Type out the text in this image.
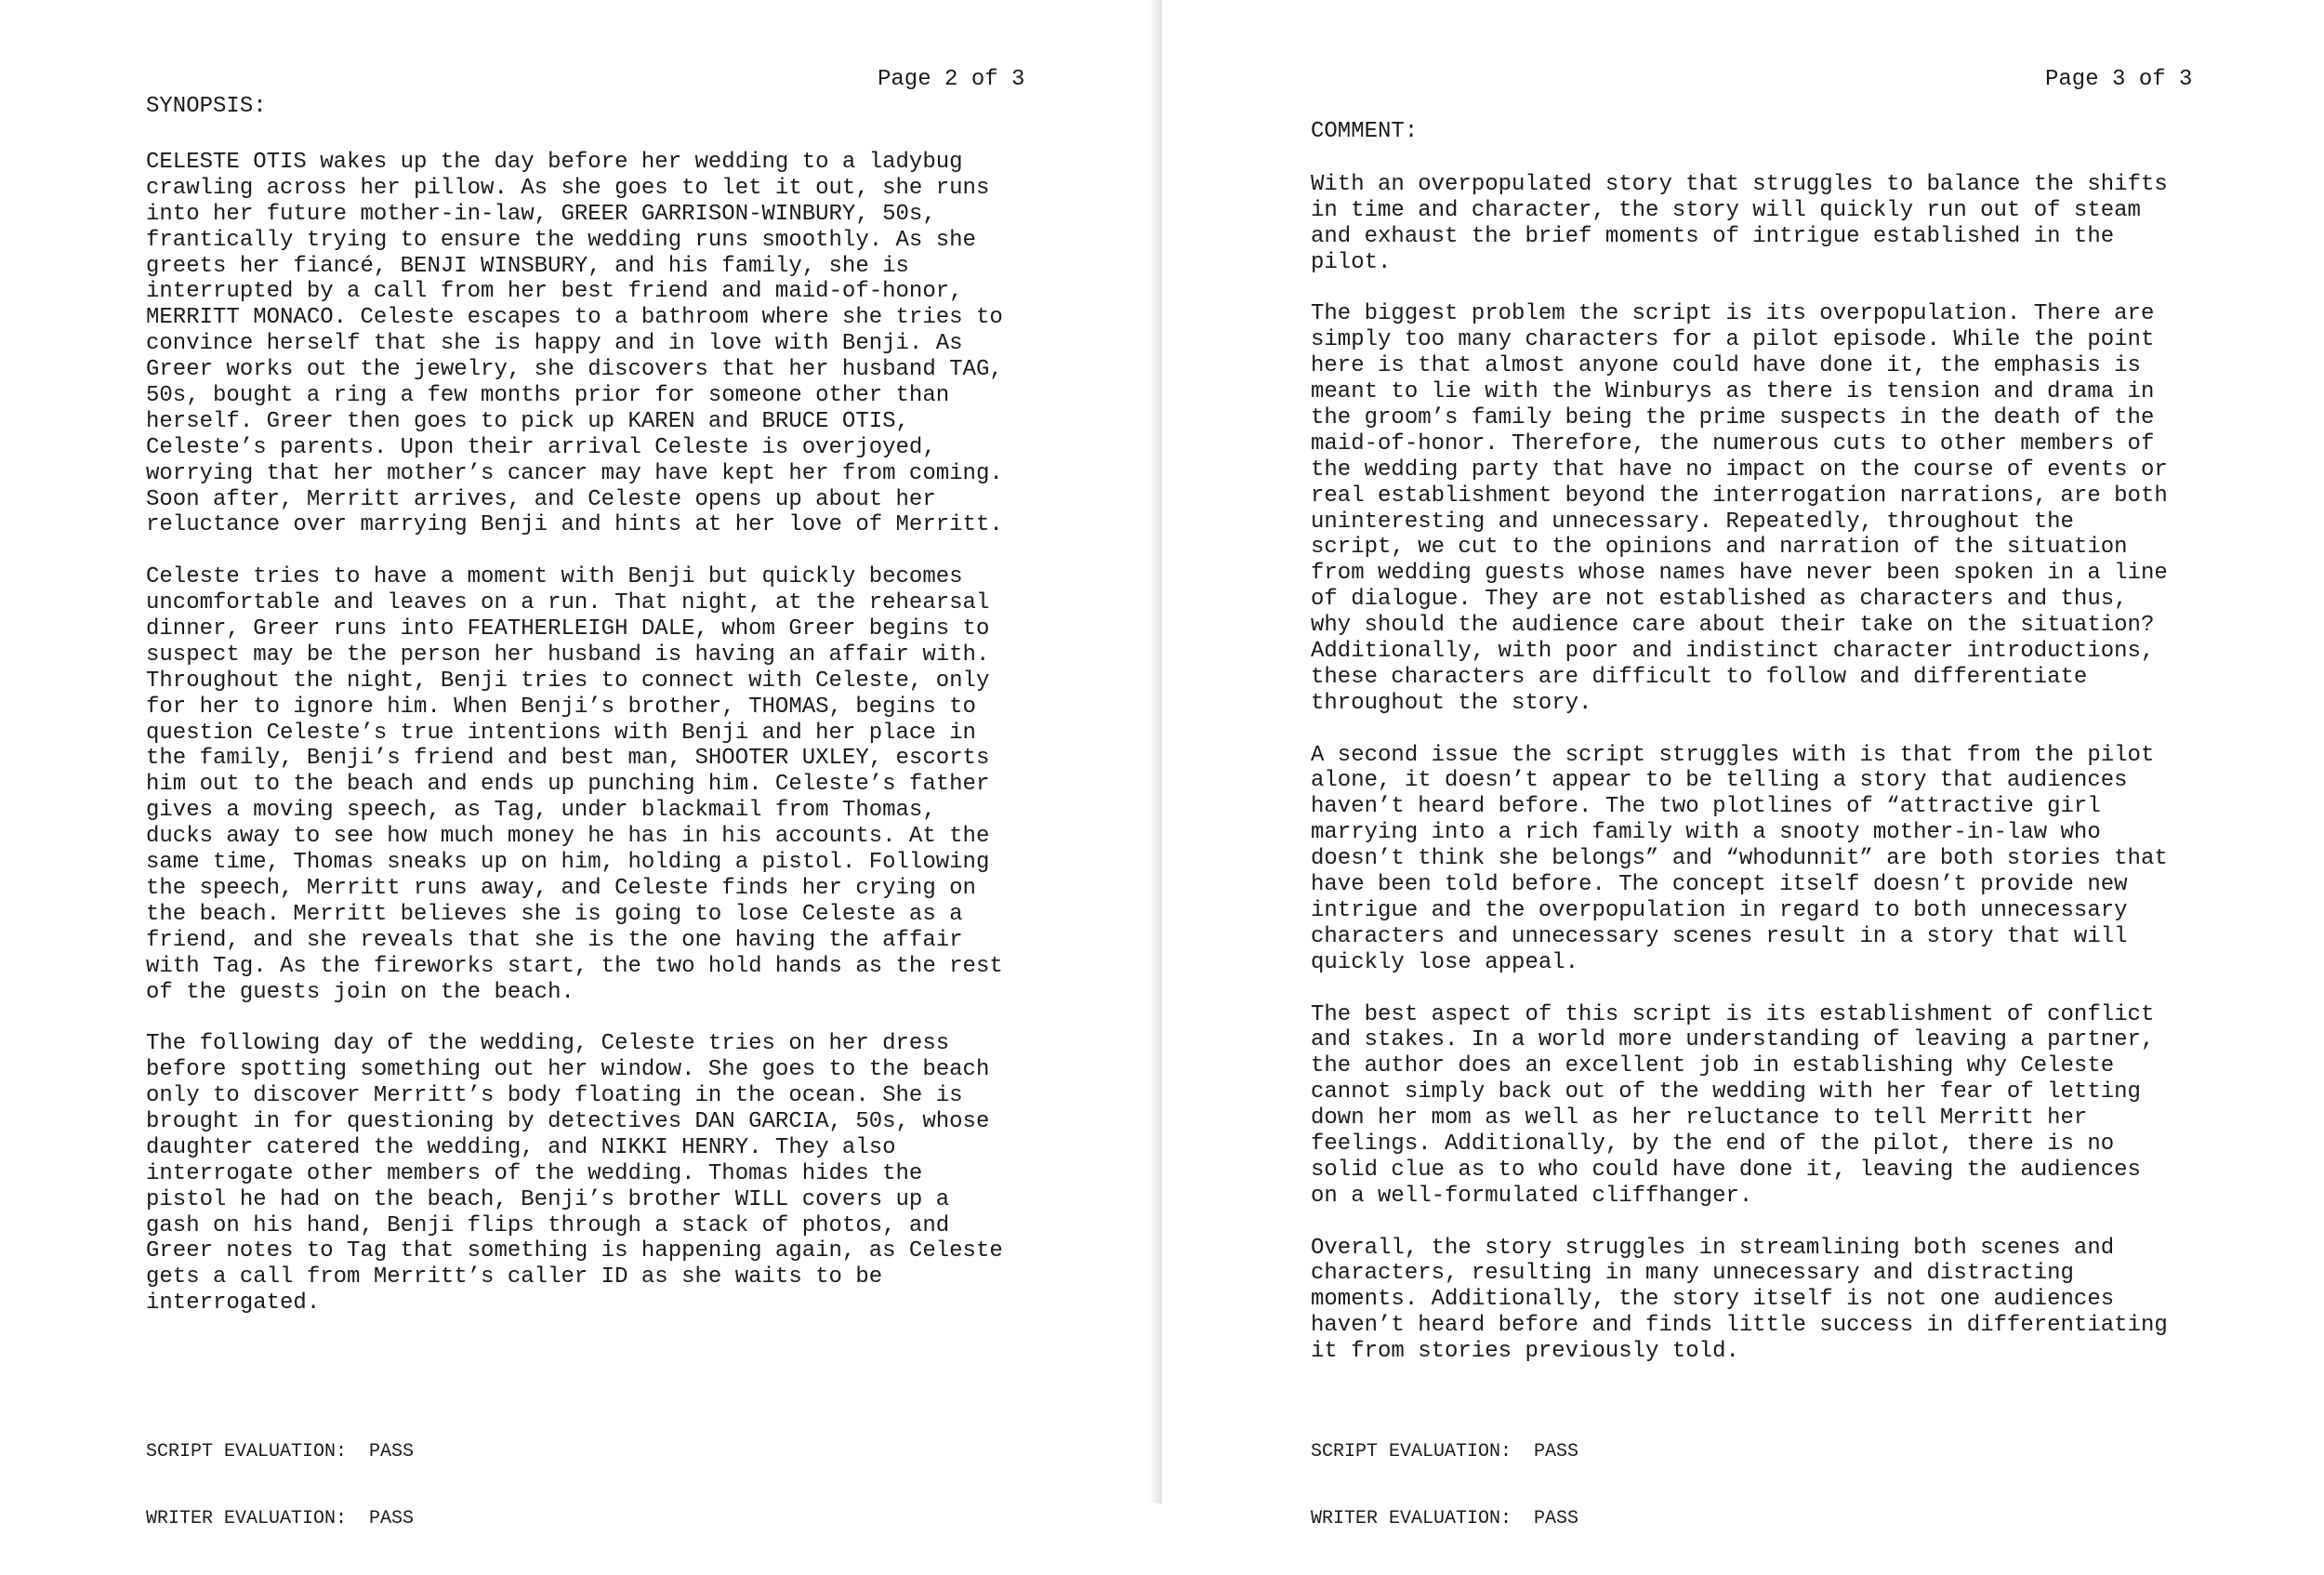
Page 2 of 3
SYNOPSIS:
CELESTE OTIS wakes up the day before her wedding to a ladybug
crawling across her pillow. As she goes to let it out, she runs
into her future mother-in-law, GREER GARRISON-WINBURY, 50s,
frantically trying to ensure the wedding runs smoothly. As she
greets her fiancé, BENJI WINSBURY, and his family, she is
interrupted by a call from her best friend and maid-of-honor,
MERRITT MONACO. Celeste escapes to a bathroom where she tries to
convince herself that she is happy and in love with Benji. As
Greer works out the jewelry, she discovers that her husband TAG,
50s, bought a ring a few months prior for someone other than
herself. Greer then goes to pick up KAREN and BRUCE OTIS,
Celeste’s parents. Upon their arrival Celeste is overjoyed,
worrying that her mother’s cancer may have kept her from coming.
Soon after, Merritt arrives, and Celeste opens up about her
reluctance over marrying Benji and hints at her love of Merritt.
Celeste tries to have a moment with Benji but quickly becomes
uncomfortable and leaves on a run. That night, at the rehearsal
dinner, Greer runs into FEATHERLEIGH DALE, whom Greer begins to
suspect may be the person her husband is having an affair with.
Throughout the night, Benji tries to connect with Celeste, only
for her to ignore him. When Benji’s brother, THOMAS, begins to
question Celeste’s true intentions with Benji and her place in
the family, Benji’s friend and best man, SHOOTER UXLEY, escorts
him out to the beach and ends up punching him. Celeste’s father
gives a moving speech, as Tag, under blackmail from Thomas,
ducks away to see how much money he has in his accounts. At the
same time, Thomas sneaks up on him, holding a pistol. Following
the speech, Merritt runs away, and Celeste finds her crying on
the beach. Merritt believes she is going to lose Celeste as a
friend, and she reveals that she is the one having the affair
with Tag. As the fireworks start, the two hold hands as the rest
of the guests join on the beach.
The following day of the wedding, Celeste tries on her dress
before spotting something out her window. She goes to the beach
only to discover Merritt’s body floating in the ocean. She is
brought in for questioning by detectives DAN GARCIA, 50s, whose
daughter catered the wedding, and NIKKI HENRY. They also
interrogate other members of the wedding. Thomas hides the
pistol he had on the beach, Benji’s brother WILL covers up a
gash on his hand, Benji flips through a stack of photos, and
Greer notes to Tag that something is happening again, as Celeste
gets a call from Merritt’s caller ID as she waits to be
interrogated.

SCRIPT EVALUATION:  PASS

WRITER EVALUATION:  PASS

Page 3 of 3
COMMENT:
With an overpopulated story that struggles to balance the shifts
in time and character, the story will quickly run out of steam
and exhaust the brief moments of intrigue established in the
pilot.
The biggest problem the script is its overpopulation. There are
simply too many characters for a pilot episode. While the point
here is that almost anyone could have done it, the emphasis is
meant to lie with the Winburys as there is tension and drama in
the groom’s family being the prime suspects in the death of the
maid-of-honor. Therefore, the numerous cuts to other members of
the wedding party that have no impact on the course of events or
real establishment beyond the interrogation narrations, are both
uninteresting and unnecessary. Repeatedly, throughout the
script, we cut to the opinions and narration of the situation
from wedding guests whose names have never been spoken in a line
of dialogue. They are not established as characters and thus,
why should the audience care about their take on the situation?
Additionally, with poor and indistinct character introductions,
these characters are difficult to follow and differentiate
throughout the story.
A second issue the script struggles with is that from the pilot
alone, it doesn’t appear to be telling a story that audiences
haven’t heard before. The two plotlines of “attractive girl
marrying into a rich family with a snooty mother-in-law who
doesn’t think she belongs” and “whodunnit” are both stories that
have been told before. The concept itself doesn’t provide new
intrigue and the overpopulation in regard to both unnecessary
characters and unnecessary scenes result in a story that will
quickly lose appeal.
The best aspect of this script is its establishment of conflict
and stakes. In a world more understanding of leaving a partner,
the author does an excellent job in establishing why Celeste
cannot simply back out of the wedding with her fear of letting
down her mom as well as her reluctance to tell Merritt her
feelings. Additionally, by the end of the pilot, there is no
solid clue as to who could have done it, leaving the audiences
on a well-formulated cliffhanger.
Overall, the story struggles in streamlining both scenes and
characters, resulting in many unnecessary and distracting
moments. Additionally, the story itself is not one audiences
haven’t heard before and finds little success in differentiating
it from stories previously told.

SCRIPT EVALUATION:  PASS

WRITER EVALUATION:  PASS
